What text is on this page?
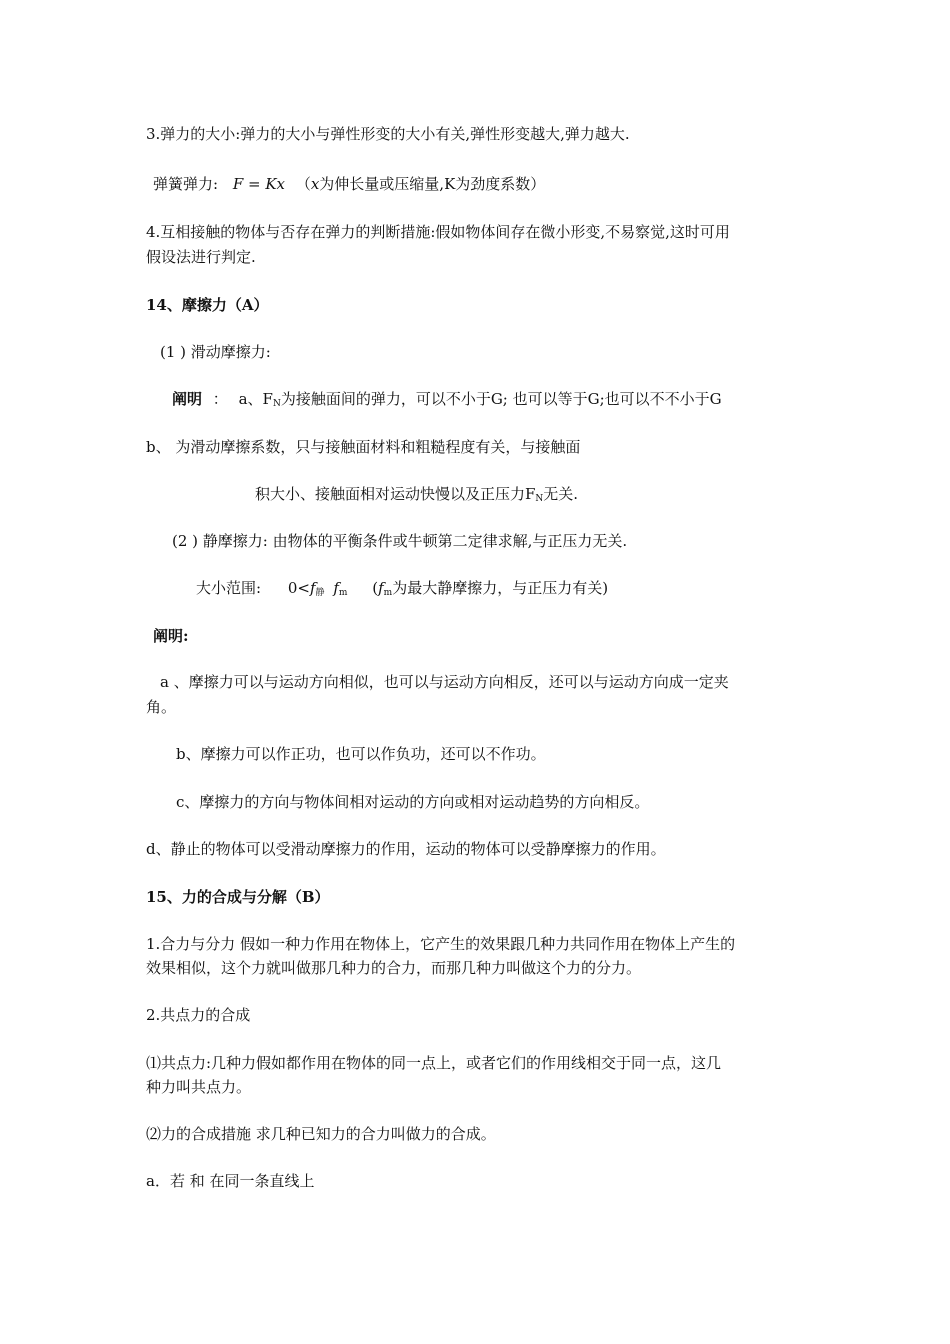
3.弹力的大小:弹力的大小与弹性形变的大小有关,弹性形变越大,弹力越大.
弹簧弹力: F = Kx （x为伸长量或压缩量,K为劲度系数）
4.互相接触的物体与否存在弹力的判断措施:假如物体间存在微小形变,不易察觉,这时可用
假设法进行判定.
14、摩擦力（A）
(1 ) 滑动摩擦力:
阐明 ： a、$F_N$为接触面间的弹力，可以不小于G; 也可以等于G;也可以不不小于G
b、 为滑动摩擦系数，只与接触面材料和粗糙程度有关，与接触面
积大小、接触面相对运动快慢以及正压力$F_N$无关.
(2 ) 静摩擦力: 由物体的平衡条件或牛顿第二定律求解,与正压力无关.
大小范围: $0<f_静$ $f_m$ ($f_m$为最大静摩擦力，与正压力有关)
阐明:
a 、摩擦力可以与运动方向相似，也可以与运动方向相反，还可以与运动方向成一定夹
角。
b、摩擦力可以作正功，也可以作负功，还可以不作功。
c、摩擦力的方向与物体间相对运动的方向或相对运动趋势的方向相反。
d、静止的物体可以受滑动摩擦力的作用，运动的物体可以受静摩擦力的作用。
15、力的合成与分解（B）
1.合力与分力 假如一种力作用在物体上，它产生的效果跟几种力共同作用在物体上产生的
效果相似，这个力就叫做那几种力的合力，而那几种力叫做这个力的分力。
2.共点力的合成
⑴共点力:几种力假如都作用在物体的同一点上，或者它们的作用线相交于同一点，这几
种力叫共点力。
⑵力的合成措施 求几种已知力的合力叫做力的合成。
a．若 和 在同一条直线上
